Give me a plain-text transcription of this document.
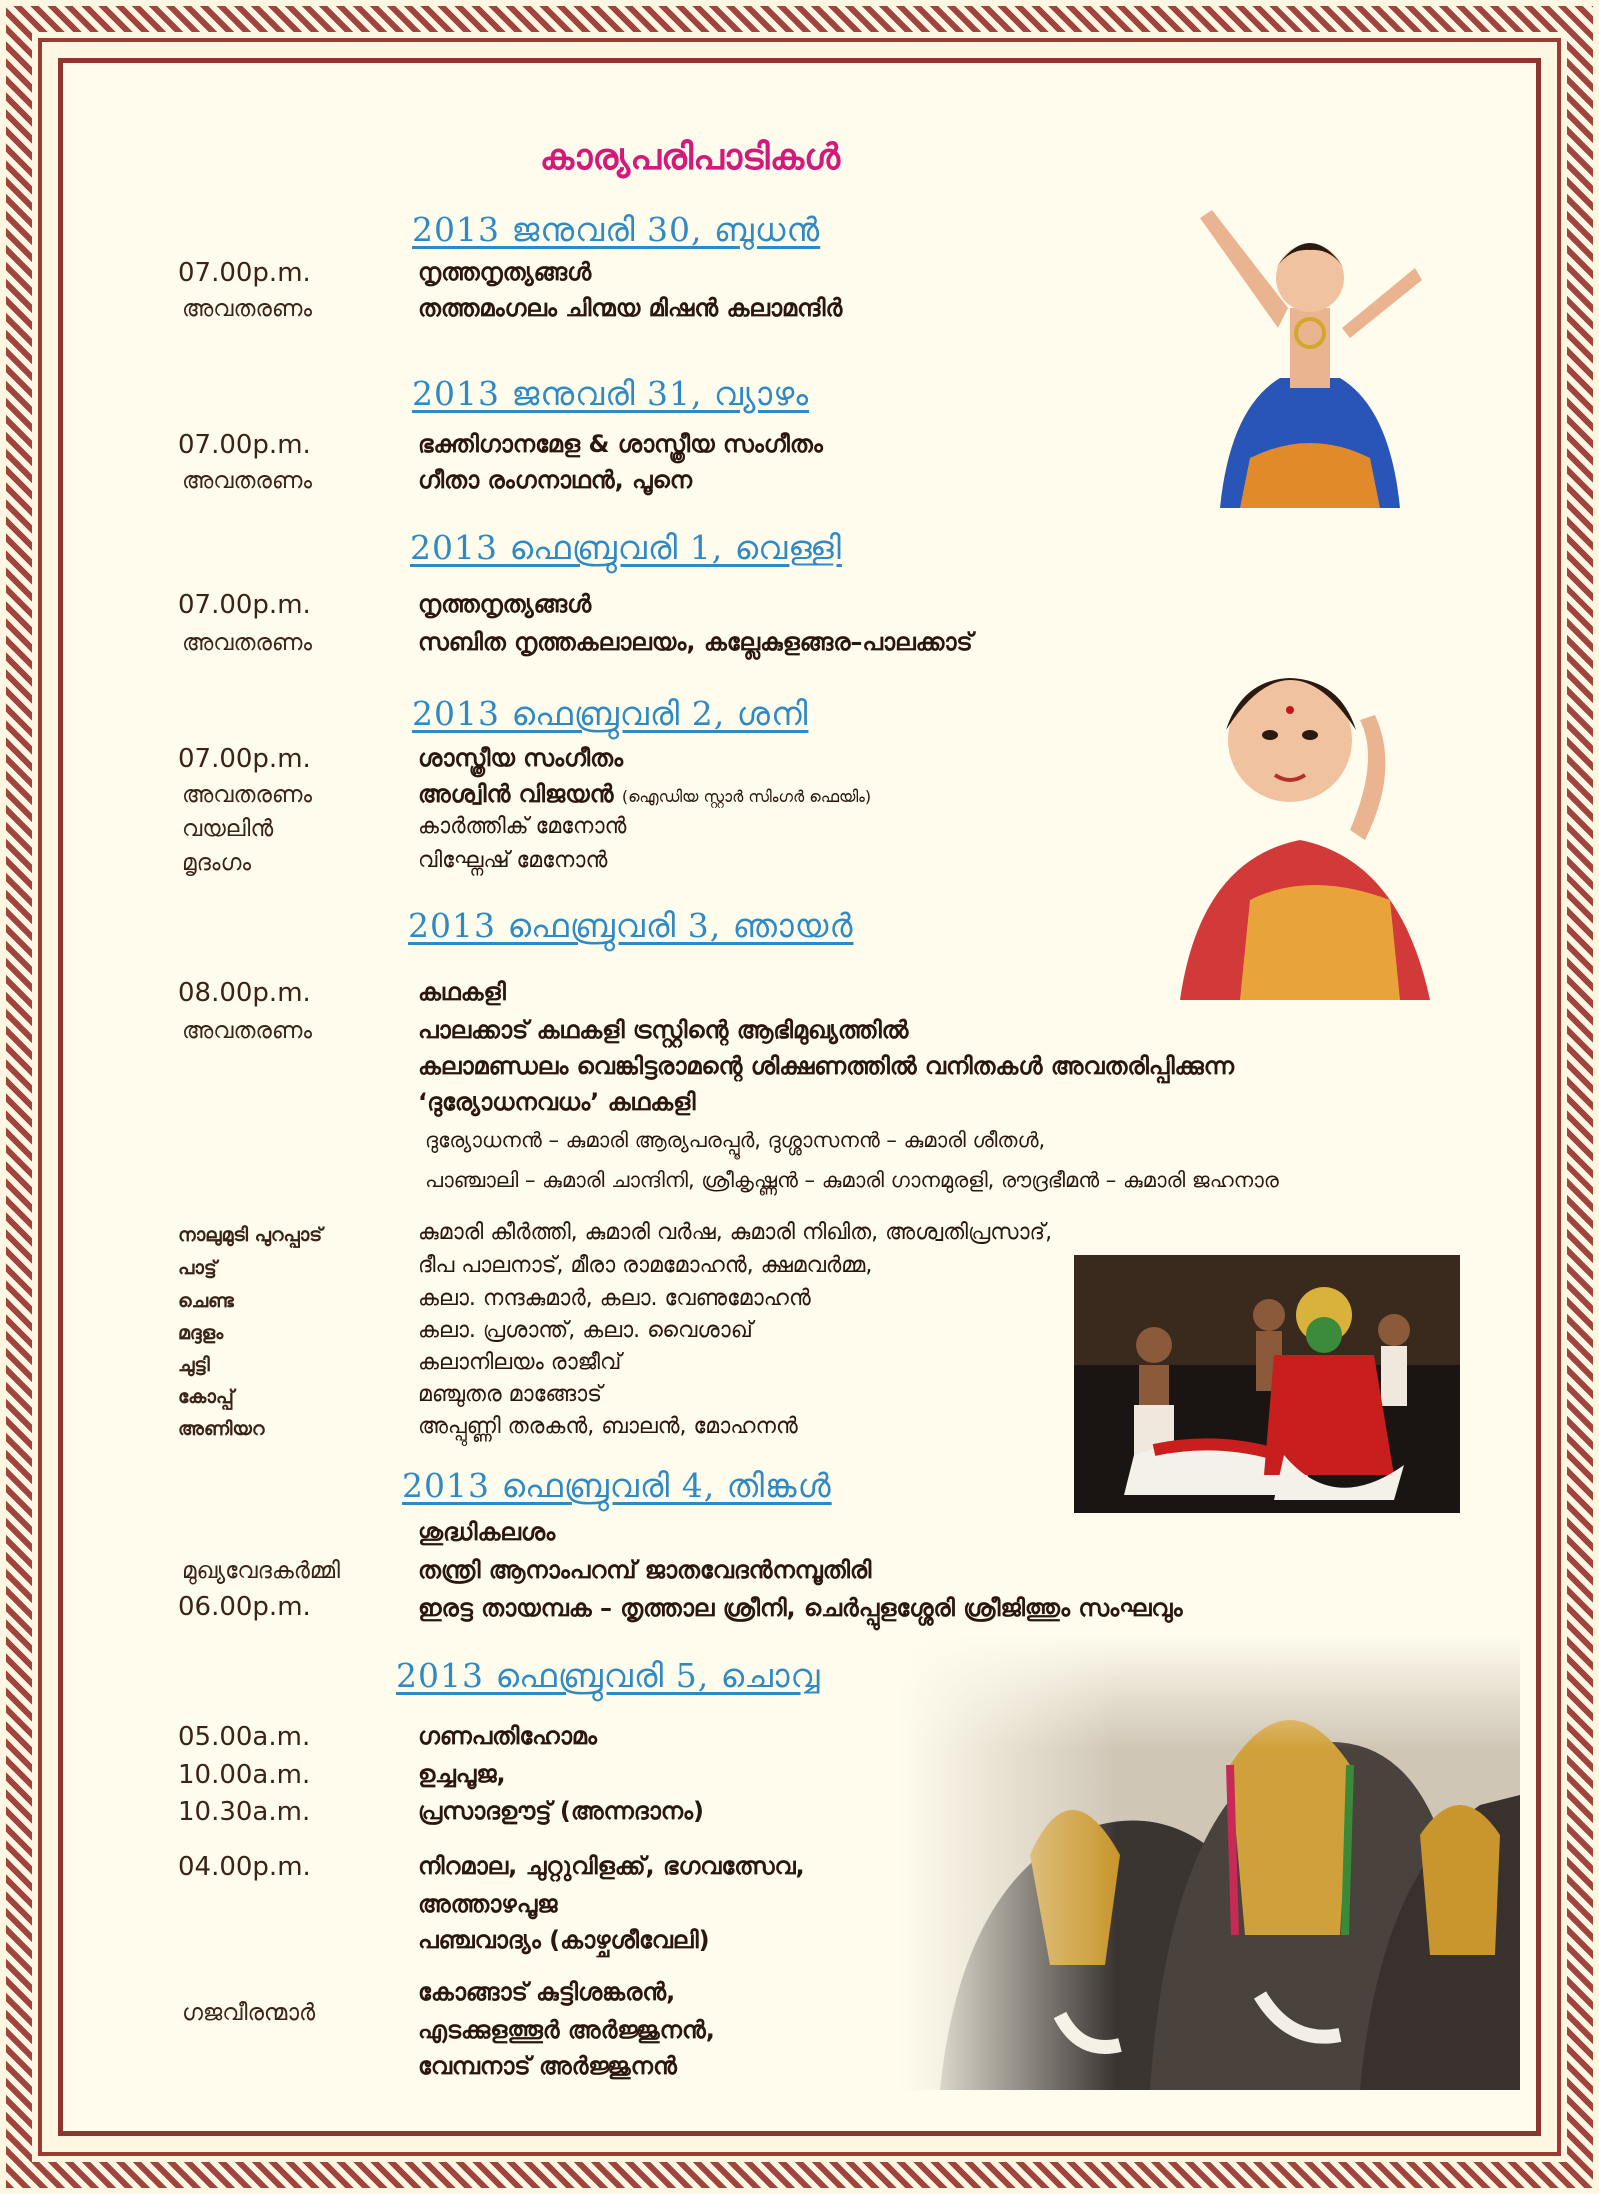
കാര്യപരിപാടികൾ
2013 ജനുവരി 30, ബുധൻ
07.00p.m.	നൃത്തനൃത്യങ്ങൾ
അവതരണം	തത്തമംഗലം ചിന്മയ മിഷൻ കലാമന്ദിർ
2013 ജനുവരി 31, വ്യാഴം
07.00p.m.	ഭക്തിഗാനമേള & ശാസ്ത്രീയ സംഗീതം
അവതരണം	ഗീതാ രംഗനാഥൻ, പൂനെ
2013 ഫെബ്രുവരി 1, വെള്ളി
07.00p.m.	നൃത്തനൃത്യങ്ങൾ
അവതരണം	സബിത നൃത്തകലാലയം, കല്ലേകുളങ്ങര–പാലക്കാട്
2013 ഫെബ്രുവരി 2, ശനി
07.00p.m.	ശാസ്ത്രീയ സംഗീതം
അവതരണം	അശ്വിൻ വിജയൻ (ഐഡിയ സ്റ്റാർ സിംഗർ ഫെയിം)
വയലിൻ	കാർത്തിക് മേനോൻ
മൃദംഗം	വിഘ്നേഷ് മേനോൻ
2013 ഫെബ്രുവരി 3, ഞായർ
08.00p.m.	കഥകളി
അവതരണം	പാലക്കാട് കഥകളി ട്രസ്റ്റിന്റെ ആഭിമുഖ്യത്തിൽ
കലാമണ്ഡലം വെങ്കിട്ടരാമന്റെ ശിക്ഷണത്തിൽ വനിതകൾ അവതരിപ്പിക്കുന്ന
‘ദുര്യോധനവധം’ കഥകളി
ദുര്യോധനൻ – കുമാരി ആര്യപരപ്പൂർ, ദുശ്ശാസനൻ – കുമാരി ശീതൾ,
പാഞ്ചാലി – കുമാരി ചാന്ദിനി, ശ്രീകൃഷ്ണൻ – കുമാരി ഗാനമുരളി, രൗദ്രഭീമൻ – കുമാരി ജഹനാര
നാലുമുടി പുറപ്പാട്	കുമാരി കീർത്തി, കുമാരി വർഷ, കുമാരി നിഖിത, അശ്വതിപ്രസാദ്,
പാട്ട്	ദീപ പാലനാട്, മീരാ രാമമോഹൻ, ക്ഷമവർമ്മ,
ചെണ്ട	കലാ. നന്ദകുമാർ, കലാ. വേണുമോഹൻ
മദ്ദളം	കലാ. പ്രശാന്ത്, കലാ. വൈശാഖ്
ചുട്ടി	കലാനിലയം രാജീവ്
കോപ്പ്	മഞ്ചുതര മാങ്ങോട്
അണിയറ	അപ്പുണ്ണി തരകൻ, ബാലൻ, മോഹനൻ
2013 ഫെബ്രുവരി 4, തിങ്കൾ
ശുദ്ധികലശം
മുഖ്യവേദകർമ്മി	തന്ത്രി ആനാംപറമ്പ് ജാതവേദൻനമ്പൂതിരി
06.00p.m.	ഇരട്ട തായമ്പക – തൃത്താല ശ്രീനി, ചെർപ്പുളശ്ശേരി ശ്രീജിത്തും സംഘവും
2013 ഫെബ്രുവരി 5, ചൊവ്വ
05.00a.m.	ഗണപതിഹോമം
10.00a.m.	ഉച്ചപൂജ,
10.30a.m.	പ്രസാദഊട്ട് (അന്നദാനം)
04.00p.m.	നിറമാല, ചുറ്റുവിളക്ക്, ഭഗവത്സേവ,
അത്താഴപൂജ
പഞ്ചവാദ്യം (കാഴ്ചശീവേലി)
ഗജവീരന്മാർ
കോങ്ങാട് കുട്ടിശങ്കരൻ,
എടക്കുളത്തൂർ അർജ്ജുനൻ,
വേമ്പനാട് അർജ്ജുനൻ
